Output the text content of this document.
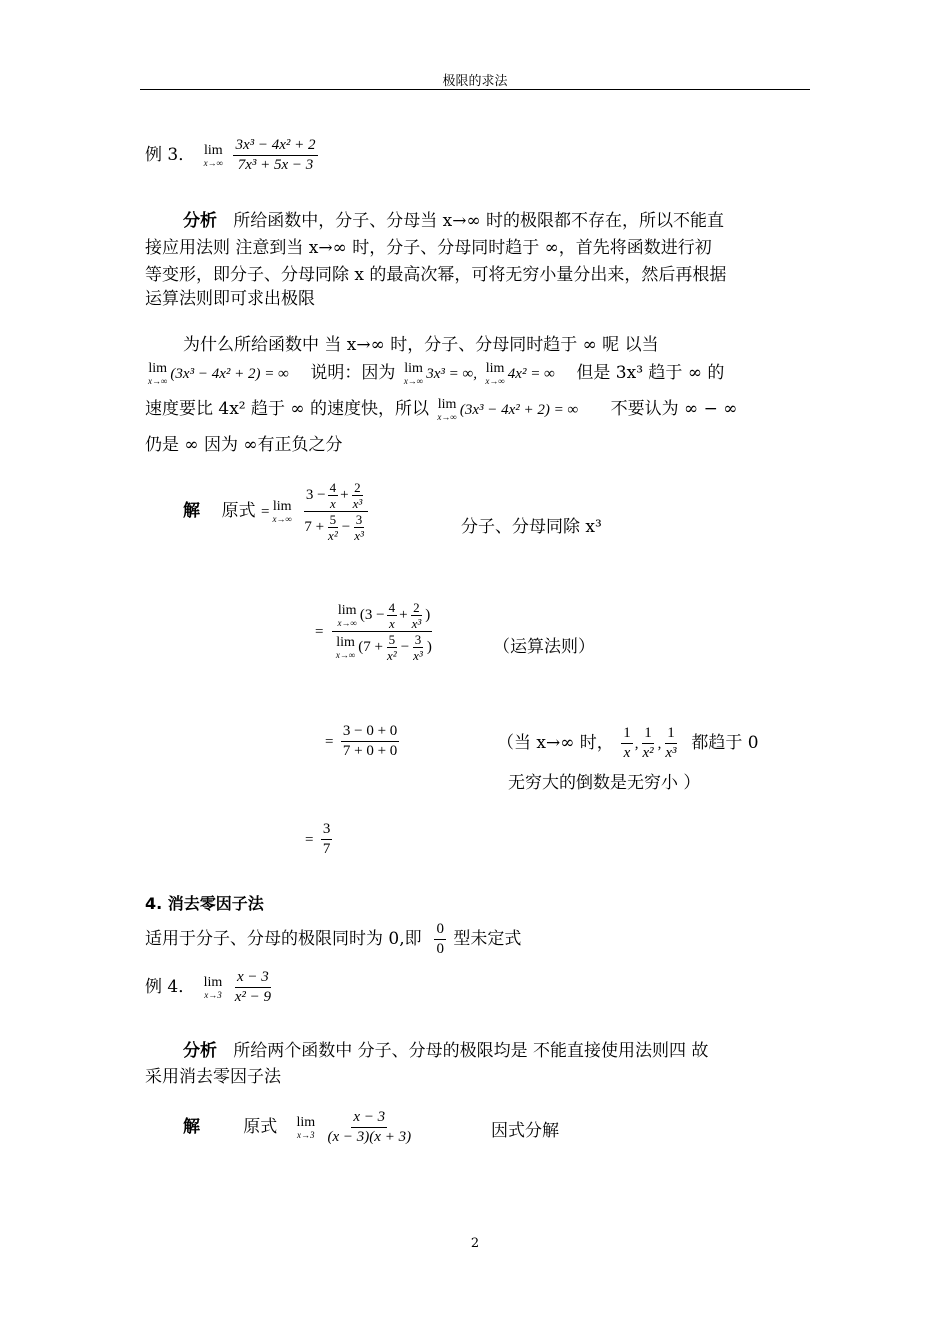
极限的求法
例 3． lim
x→∞
$\frac{\text{3x³ − 4x² + 2}}{\text{7x³ + 5x − 3}}$
分析 所给函数中，分子、分母当 x→∞ 时的极限都不存在，所以不能直
接应用法则 注意到当 x→∞ 时，分子、分母同时趋于 ∞，首先将函数进行初
等变形，即分子、分母同除 x 的最高次幂，可将无穷小量分出来，然后再根据
运算法则即可求出极限
为什么所给函数中 当 x→∞ 时，分子、分母同时趋于 ∞ 呢 以当
lim
x→∞ (3x³ − 4x² + 2) = ∞ 说明：因为 lim
x→∞ 3x³ = ∞, lim
x→∞ 4x² = ∞ 但是 3x³ 趋于 ∞ 的
速度要比 4x² 趋于 ∞ 的速度快，所以 lim
x→∞ (3x³ − 4x² + 2) = ∞ 不要认为 ∞ − ∞
仍是 ∞ 因为 ∞有正负之分
解 原式 = lim
x→∞
$\frac{3 - \frac{4}{x} + \frac{2}{\text{x³}}}{7 + \frac{5}{\text{x²}} - \frac{3}{\text{x³}}}$	分子、分母同除 x³
= lim
x→∞
($3 - \frac{4}{x} + \frac{2}{\text{x³}}$ )
lim
x→∞
($7 + \frac{5}{\text{x²}} - \frac{3}{\text{x³}}$ )	（运算法则）
= $\frac{3 - 0 + 0}{7 + 0 + 0}$	（当 x→∞ 时， $\frac{1}{x}$ , $\frac{1}{\text{x²}}$ , $\frac{1}{\text{x³}}$ 都趋于 0
无穷大的倒数是无穷小 ）
= $\frac{3}{7}$
4. 消去零因子法
适用于分子、分母的极限同时为 0,即 $\frac{0}{0}$ 型未定式
例 4． lim
x→3
$\frac{x - 3}{\text{x² − 9}}$
分析 所给两个函数中 分子、分母的极限均是 不能直接使用法则四 故
采用消去零因子法
解	原式 lim
x→3
$\frac{x - 3}{(x - 3)(x + 3)}$	因式分解
2
